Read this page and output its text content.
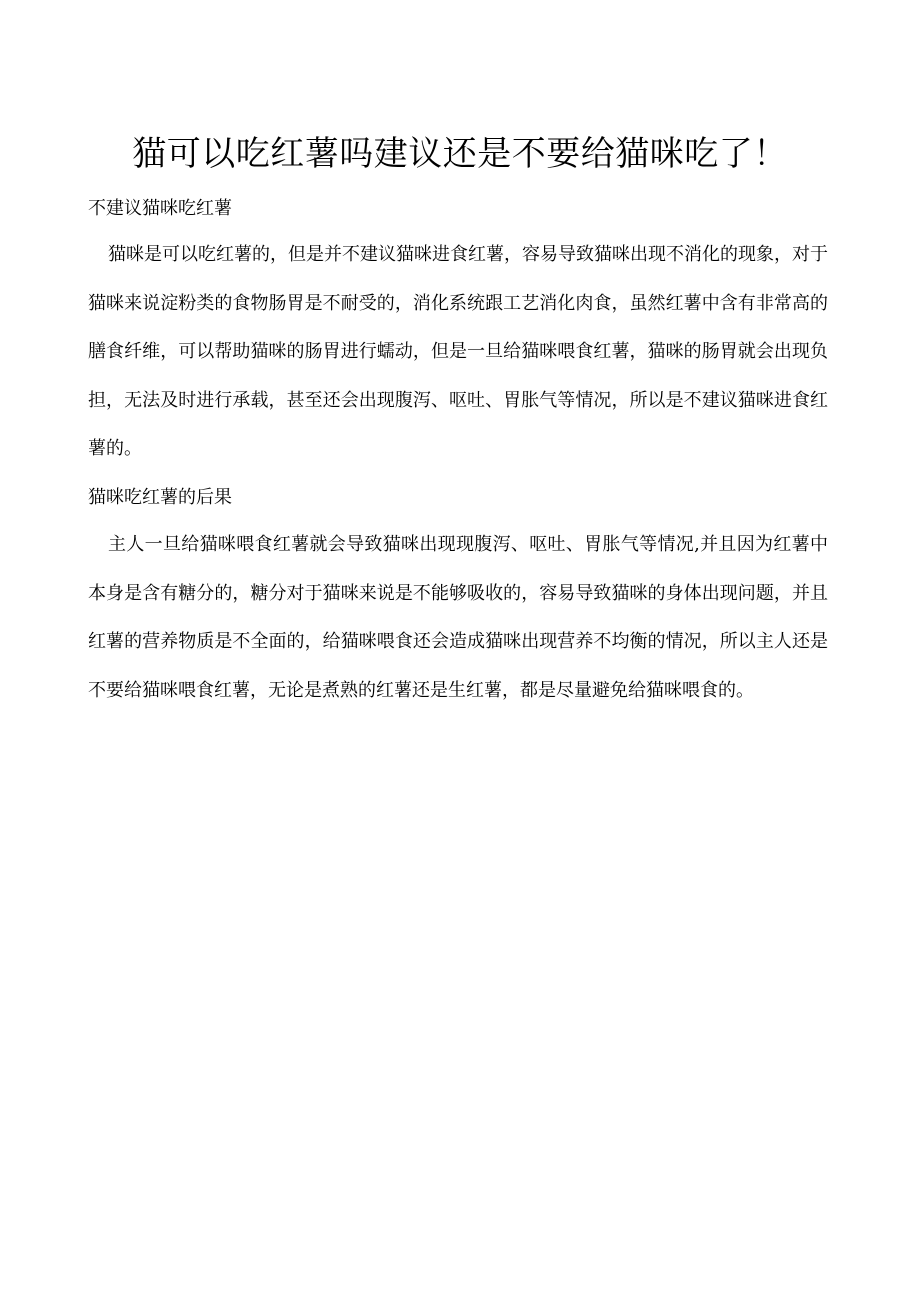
猫可以吃红薯吗建议还是不要给猫咪吃了！
不建议猫咪吃红薯

猫咪是可以吃红薯的，但是并不建议猫咪进食红薯，容易导致猫咪出现不消化的现象，对于猫咪来说淀粉类的食物肠胃是不耐受的，消化系统跟工艺消化肉食，虽然红薯中含有非常高的膳食纤维，可以帮助猫咪的肠胃进行蠕动，但是一旦给猫咪喂食红薯，猫咪的肠胃就会出现负担，无法及时进行承载，甚至还会出现腹泻、呕吐、胃胀气等情况，所以是不建议猫咪进食红薯的。

猫咪吃红薯的后果

主人一旦给猫咪喂食红薯就会导致猫咪出现现腹泻、呕吐、胃胀气等情况,并且因为红薯中本身是含有糖分的，糖分对于猫咪来说是不能够吸收的，容易导致猫咪的身体出现问题，并且红薯的营养物质是不全面的，给猫咪喂食还会造成猫咪出现营养不均衡的情况，所以主人还是不要给猫咪喂食红薯，无论是煮熟的红薯还是生红薯，都是尽量避免给猫咪喂食的。
